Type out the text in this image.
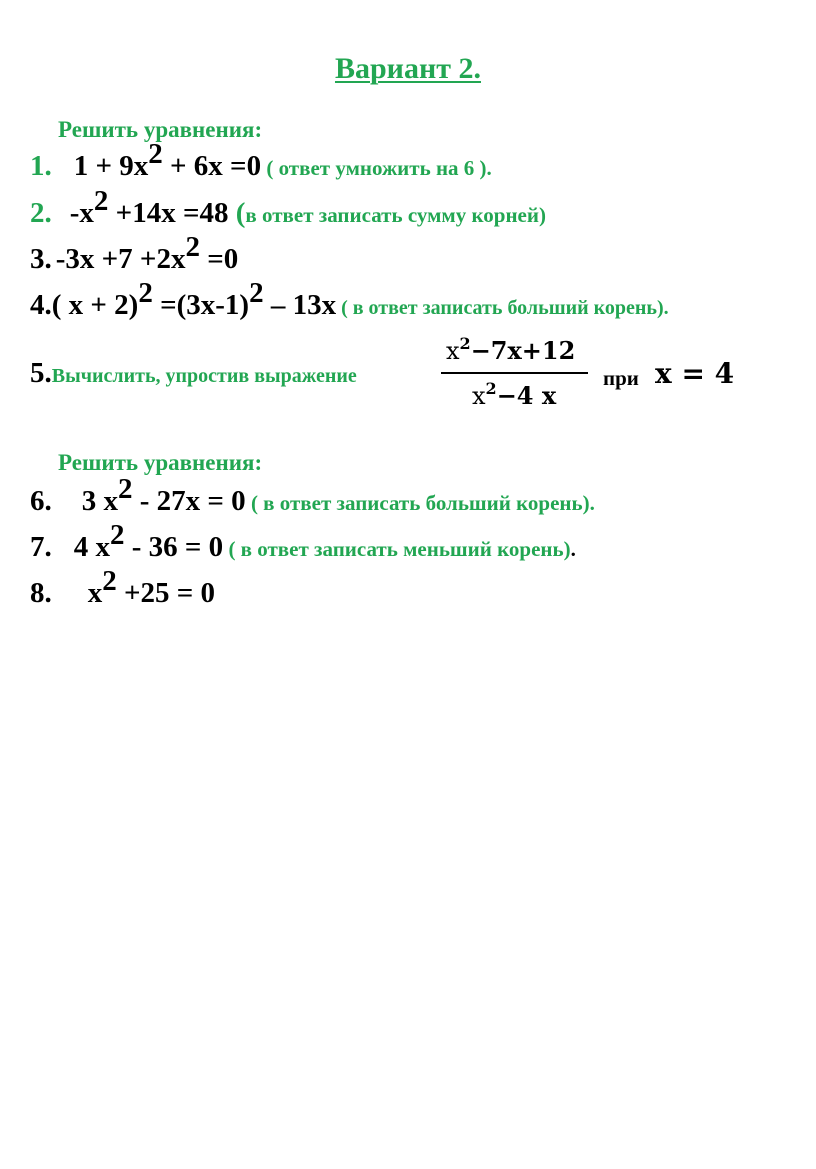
Вариант 2.
Решить уравнения:
1. $1 + 9x^2 + 6x =0$ ( ответ умножить на 6 ).
2. $-x^2 +14x =48$ (в ответ записать сумму корней)
3. $-3x +7 +2x^2 =0$
4.( $x + 2)^2 =(3x-1)^2 - 13x$ ( в ответ записать больший корень).
5.Вычислить, упростив выражение
$x^2-7x+12$
$x^2-4$ x
при x = 4
Решить уравнения:
6. 3 $x^2 - 27x = 0$ ( в ответ записать больший корень).
7. 4 $x^2 - 36 = 0$ ( в ответ записать меньший корень).
8. $x^2 +25 = 0$
